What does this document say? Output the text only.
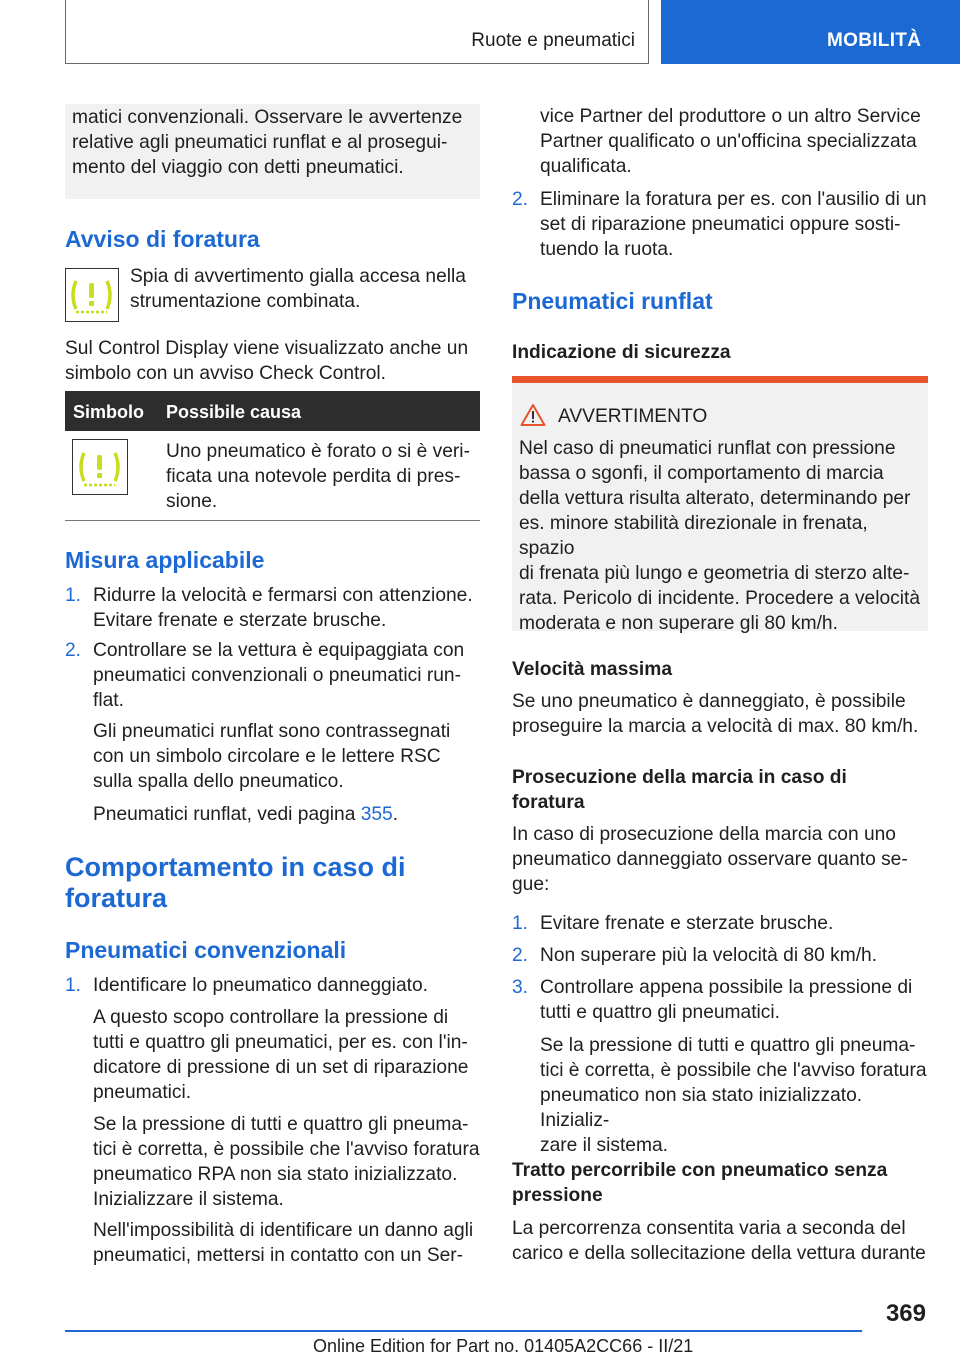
Ruote e pneumatici	MOBILITÀ
matici convenzionali. Osservare le avvertenze
relative agli pneumatici runflat e al prosegui-
mento del viaggio con detti pneumatici.
Avviso di foratura
Spia di avvertimento gialla accesa nella
strumentazione combinata.
Sul Control Display viene visualizzato anche un
simbolo con un avviso Check Control.
Simbolo Possibile causa
Uno pneumatico è forato o si è veri-
ficata una notevole perdita di pres-
sione.
Misura applicabile
1. Ridurre la velocità e fermarsi con attenzione.
Evitare frenate e sterzate brusche.
2. Controllare se la vettura è equipaggiata con
pneumatici convenzionali o pneumatici run-
flat.
Gli pneumatici runflat sono contrassegnati
con un simbolo circolare e le lettere RSC
sulla spalla dello pneumatico.
Pneumatici runflat, vedi pagina 355.
Comportamento in caso di
foratura
Pneumatici convenzionali
1. Identificare lo pneumatico danneggiato.
A questo scopo controllare la pressione di
tutti e quattro gli pneumatici, per es. con l'in-
dicatore di pressione di un set di riparazione
pneumatici.
Se la pressione di tutti e quattro gli pneuma-
tici è corretta, è possibile che l'avviso foratura
pneumatico RPA non sia stato inizializzato.
Inizializzare il sistema.
Nell'impossibilità di identificare un danno agli
pneumatici, mettersi in contatto con un Ser-
vice Partner del produttore o un altro Service
Partner qualificato o un'officina specializzata
qualificata.
2. Eliminare la foratura per es. con l'ausilio di un
set di riparazione pneumatici oppure sosti-
tuendo la ruota.
Pneumatici runflat
Indicazione di sicurezza
AVVERTIMENTO
Nel caso di pneumatici runflat con pressione
bassa o sgonfi, il comportamento di marcia
della vettura risulta alterato, determinando per
es. minore stabilità direzionale in frenata, spazio
di frenata più lungo e geometria di sterzo alte-
rata. Pericolo di incidente. Procedere a velocità
moderata e non superare gli 80 km/h.
Velocità massima
Se uno pneumatico è danneggiato, è possibile
proseguire la marcia a velocità di max. 80 km/h.
Prosecuzione della marcia in caso di
foratura
In caso di prosecuzione della marcia con uno
pneumatico danneggiato osservare quanto se-
gue:
1. Evitare frenate e sterzate brusche.
2. Non superare più la velocità di 80 km/h.
3. Controllare appena possibile la pressione di
tutti e quattro gli pneumatici.
Se la pressione di tutti e quattro gli pneuma-
tici è corretta, è possibile che l'avviso foratura
pneumatico non sia stato inizializzato. Inizializ-
zare il sistema.
Tratto percorribile con pneumatico senza
pressione
La percorrenza consentita varia a seconda del
carico e della sollecitazione della vettura durante
369
Online Edition for Part no. 01405A2CC66 - II/21
